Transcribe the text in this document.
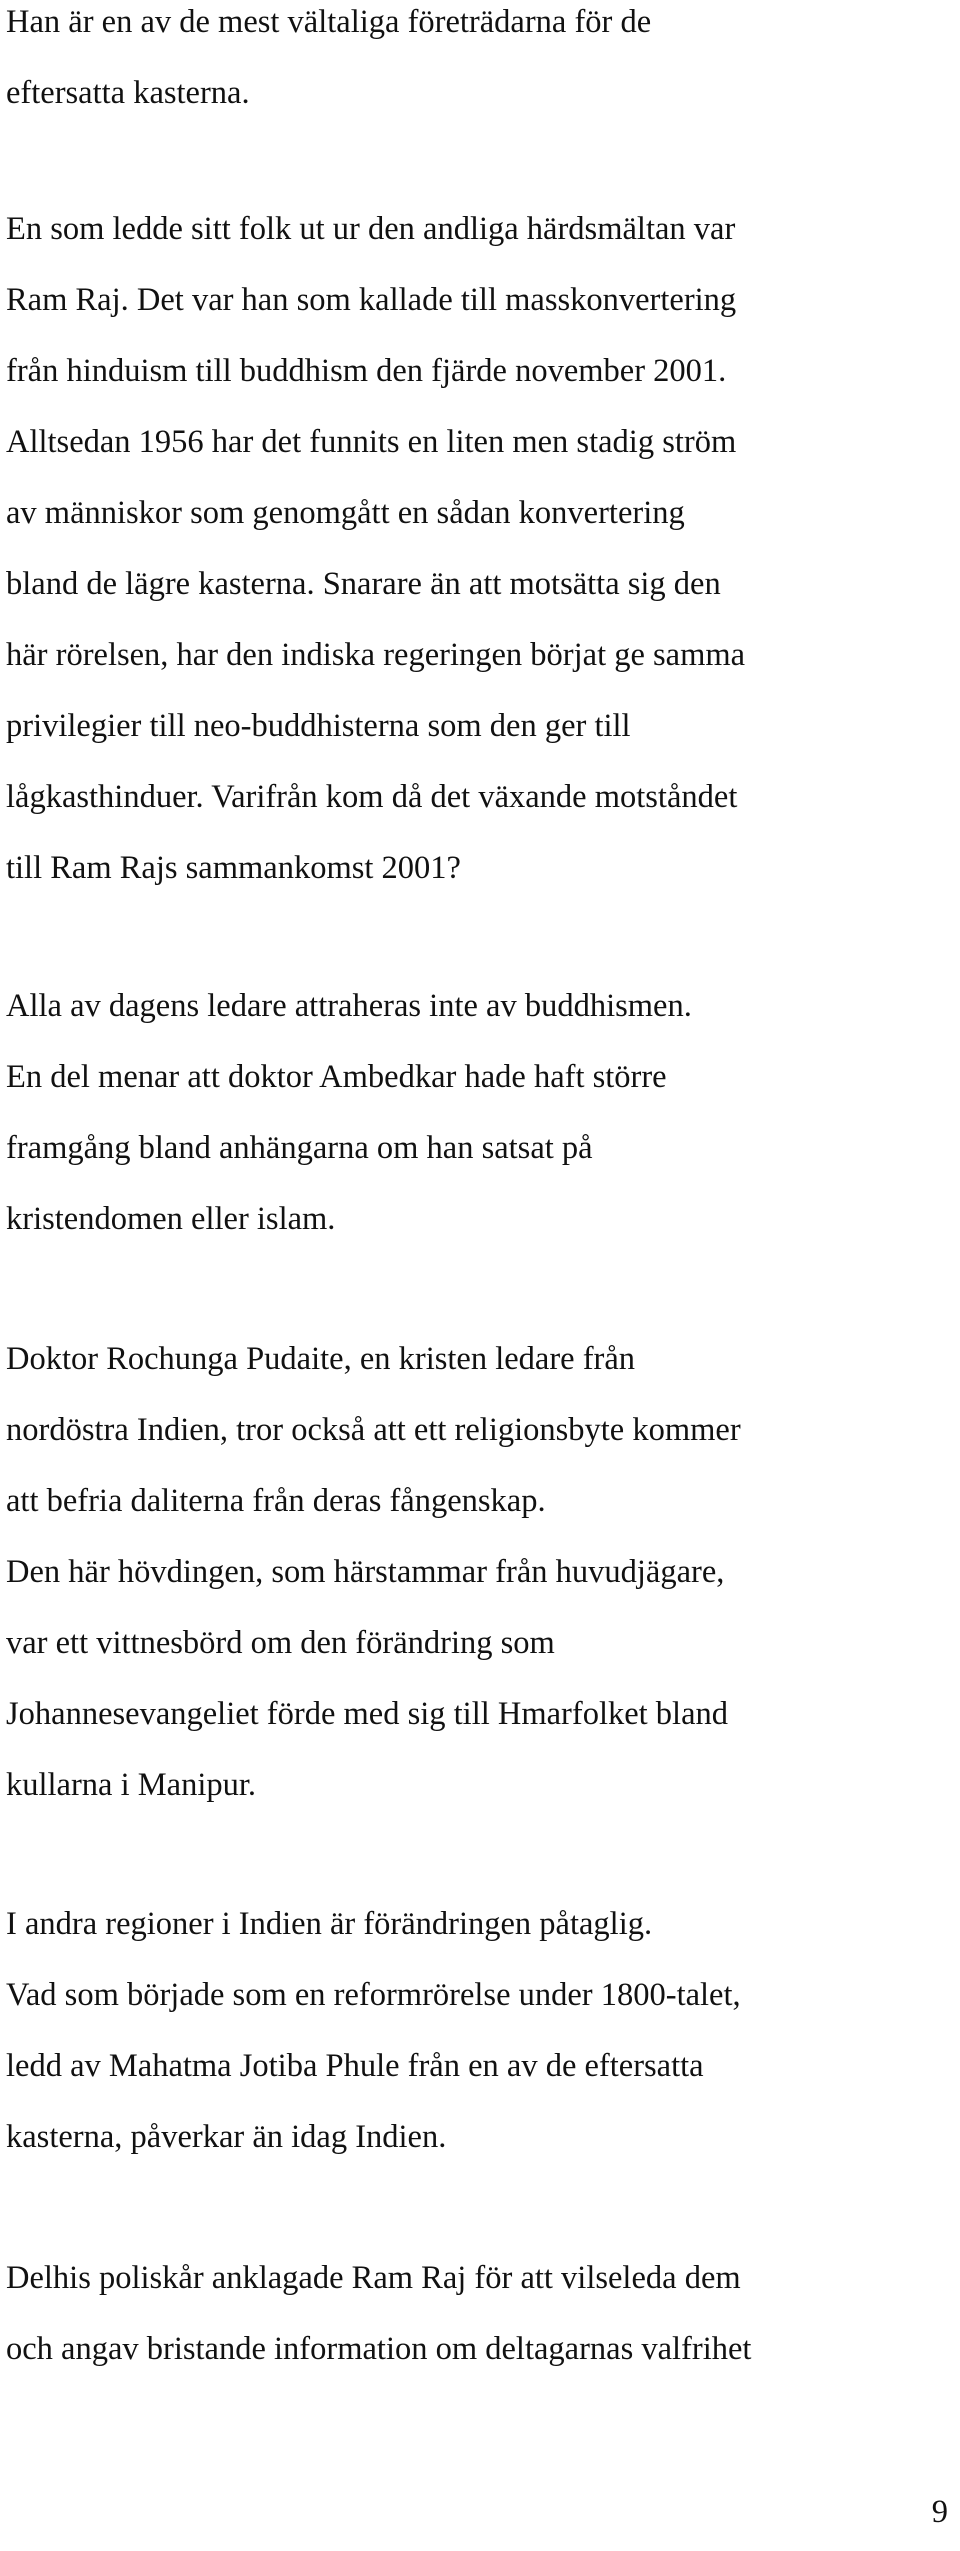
Han är en av de mest vältaliga företrädarna för de
eftersatta kasterna.

En som ledde sitt folk ut ur den andliga härdsmältan var
Ram Raj. Det var han som kallade till masskonvertering
från hinduism till buddhism den fjärde november 2001.
Alltsedan 1956 har det funnits en liten men stadig ström
av människor som genomgått en sådan konvertering
bland de lägre kasterna. Snarare än att motsätta sig den
här rörelsen, har den indiska regeringen börjat ge samma
privilegier till neo-buddhisterna som den ger till
lågkasthinduer. Varifrån kom då det växande motståndet
till Ram Rajs sammankomst 2001?

Alla av dagens ledare attraheras inte av buddhismen.
En del menar att doktor Ambedkar hade haft större
framgång bland anhängarna om han satsat på
kristendomen eller islam.

Doktor Rochunga Pudaite, en kristen ledare från
nordöstra Indien, tror också att ett religionsbyte kommer
att befria daliterna från deras fångenskap.
Den här hövdingen, som härstammar från huvudjägare,
var ett vittnesbörd om den förändring som
Johannesevangeliet förde med sig till Hmarfolket bland
kullarna i Manipur.

I andra regioner i Indien är förändringen påtaglig.
Vad som började som en reformrörelse under 1800-talet,
ledd av Mahatma Jotiba Phule från en av de eftersatta
kasterna, påverkar än idag Indien.

Delhis poliskår anklagade Ram Raj för att vilseleda dem
och angav bristande information om deltagarnas valfrihet

9
